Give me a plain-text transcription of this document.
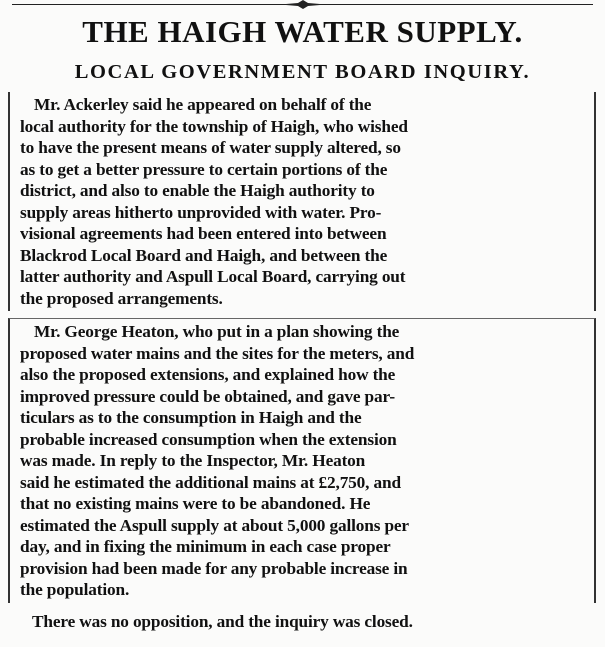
THE HAIGH WATER SUPPLY.
LOCAL GOVERNMENT BOARD INQUIRY.
Mr. Ackerley said he appeared on behalf of the
local authority for the township of Haigh, who wished
to have the present means of water supply altered, so
as to get a better pressure to certain portions of the
district, and also to enable the Haigh authority to
supply areas hitherto unprovided with water. Pro-
visional agreements had been entered into between
Blackrod Local Board and Haigh, and between the
latter authority and Aspull Local Board, carrying out
the proposed arrangements.
Mr. George Heaton, who put in a plan showing the
proposed water mains and the sites for the meters, and
also the proposed extensions, and explained how the
improved pressure could be obtained, and gave par-
ticulars as to the consumption in Haigh and the
probable increased consumption when the extension
was made. In reply to the Inspector, Mr. Heaton
said he estimated the additional mains at £2,750, and
that no existing mains were to be abandoned. He
estimated the Aspull supply at about 5,000 gallons per
day, and in fixing the minimum in each case proper
provision had been made for any probable increase in
the population.
There was no opposition, and the inquiry was closed.
